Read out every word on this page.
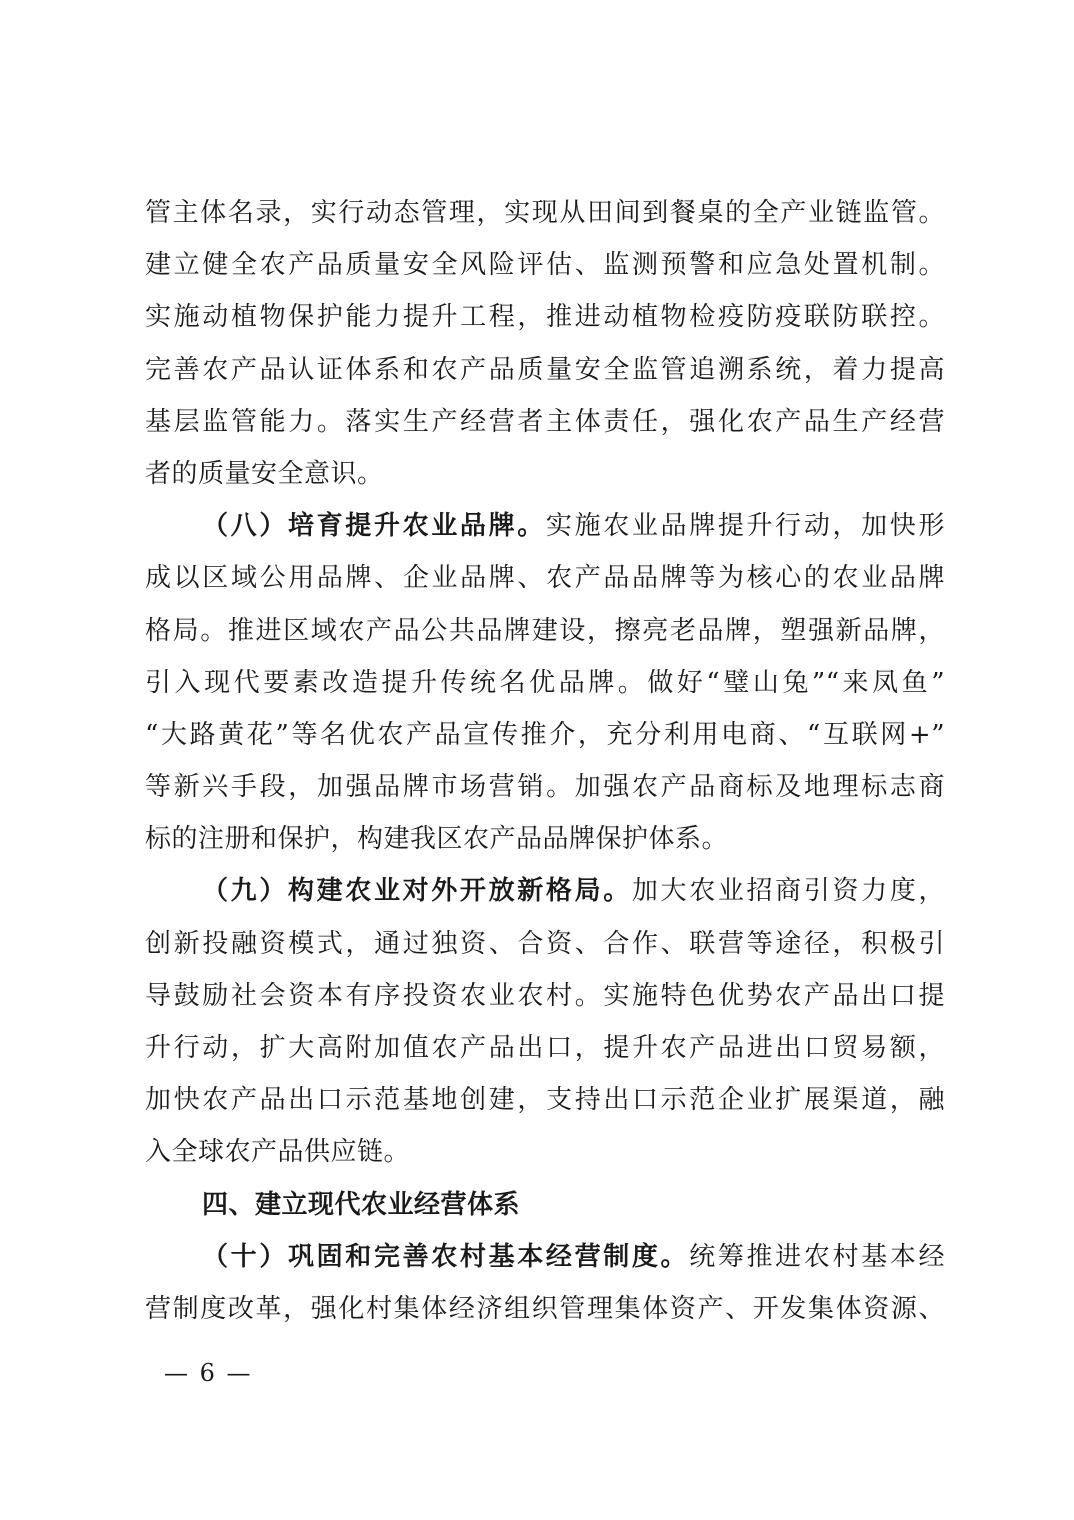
管主体名录，实行动态管理，实现从田间到餐桌的全产业链监管。
建立健全农产品质量安全风险评估、监测预警和应急处置机制。
实施动植物保护能力提升工程，推进动植物检疫防疫联防联控。
完善农产品认证体系和农产品质量安全监管追溯系统，着力提高
基层监管能力。落实生产经营者主体责任，强化农产品生产经营
者的质量安全意识。
（八）培育提升农业品牌。实施农业品牌提升行动，加快形
成以区域公用品牌、企业品牌、农产品品牌等为核心的农业品牌
格局。推进区域农产品公共品牌建设，擦亮老品牌，塑强新品牌，
引入现代要素改造提升传统名优品牌。做好“璧山兔”“来凤鱼”
“大路黄花”等名优农产品宣传推介，充分利用电商、“互联网+”
等新兴手段，加强品牌市场营销。加强农产品商标及地理标志商
标的注册和保护，构建我区农产品品牌保护体系。
（九）构建农业对外开放新格局。加大农业招商引资力度，
创新投融资模式，通过独资、合资、合作、联营等途径，积极引
导鼓励社会资本有序投资农业农村。实施特色优势农产品出口提
升行动，扩大高附加值农产品出口，提升农产品进出口贸易额，
加快农产品出口示范基地创建，支持出口示范企业扩展渠道，融
入全球农产品供应链。
四、建立现代农业经营体系
（十）巩固和完善农村基本经营制度。统筹推进农村基本经
营制度改革，强化村集体经济组织管理集体资产、开发集体资源、
— 6 —
